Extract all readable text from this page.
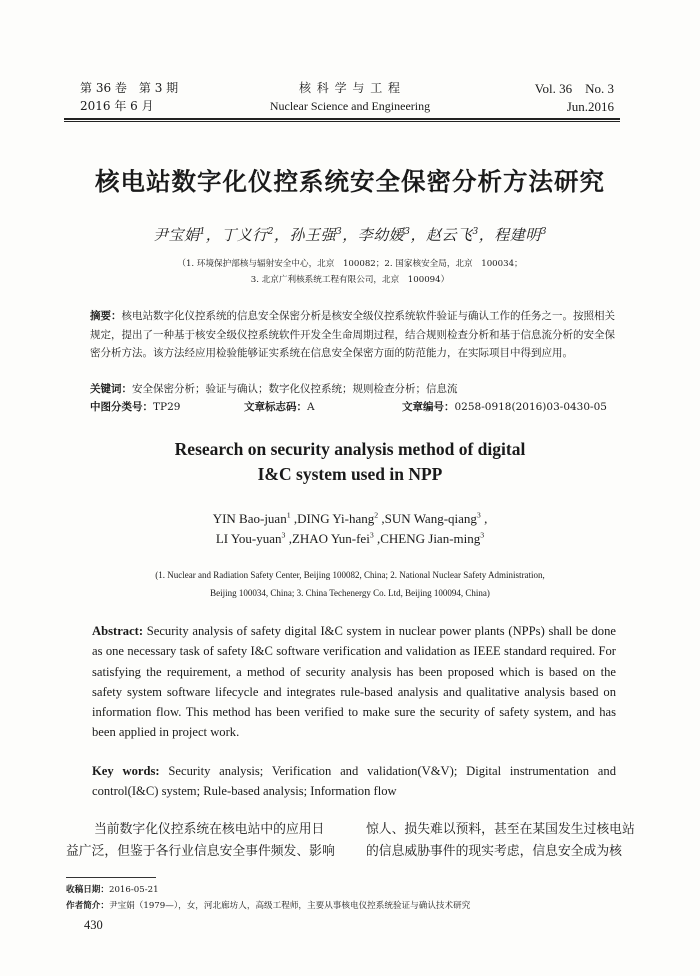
第 36 卷　第 3 期
2016 年 6 月
核 科 学 与 工 程
Nuclear Science and Engineering
Vol. 36　No. 3
Jun.2016
核电站数字化仪控系统安全保密分析方法研究
尹宝娟$^1$，丁义行$^2$，孙王强$^3$，李幼媛$^3$，赵云飞$^3$，程建明$^3$
（1. 环境保护部核与辐射安全中心，北京　100082；2. 国家核安全局，北京　100034；
3. 北京广利核系统工程有限公司，北京　100094）
摘要：核电站数字化仪控系统的信息安全保密分析是核安全级仪控系统软件验证与确认工作的任务之一。按照相关规定，提出了一种基于核安全级仪控系统软件开发全生命周期过程，结合规则检查分析和基于信息流分析的安全保密分析方法。该方法经应用检验能够证实系统在信息安全保密方面的防范能力，在实际项目中得到应用。
关键词：安全保密分析；验证与确认；数字化仪控系统；规则检查分析；信息流
中图分类号：TP29	文章标志码：A	文章编号：0258-0918(2016)03-0430-05
Research on security analysis method of digital
I&C system used in NPP
YIN Bao-juan$^1$ ,DING Yi-hang$^2$ ,SUN Wang-qiang$^3$ ,
LI You-yuan$^3$ ,ZHAO Yun-fei$^3$ ,CHENG Jian-ming$^3$
(1. Nuclear and Radiation Safety Center, Beijing 100082, China; 2. National Nuclear Safety Administration,
Beijing 100034, China; 3. China Techenergy Co. Ltd, Beijing 100094, China)
Abstract: Security analysis of safety digital I&C system in nuclear power plants (NPPs) shall be done as one necessary task of safety I&C software verification and validation as IEEE standard required. For satisfying the requirement, a method of security analysis has been proposed which is based on the safety system software lifecycle and integrates rule-based analysis and qualitative analysis based on information flow. This method has been verified to make sure the security of safety system, and has been applied in project work.
Key words: Security analysis; Verification and validation(V&V); Digital instrumentation and control(I&C) system; Rule-based analysis; Information flow
当前数字化仪控系统在核电站中的应用日
益广泛，但鉴于各行业信息安全事件频发、影响
惊人、损失难以预料，甚至在某国发生过核电站
的信息威胁事件的现实考虑，信息安全成为核
收稿日期：2016-05-21
作者简介：尹宝娟（1979—），女，河北廊坊人，高级工程师，主要从事核电仪控系统验证与确认技术研究
430
